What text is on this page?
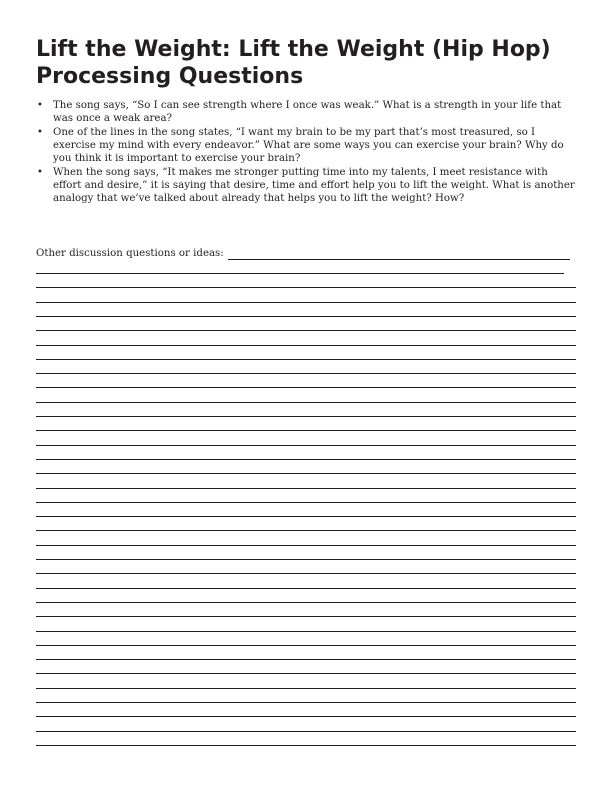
Lift the Weight: Lift the Weight (Hip Hop) Processing Questions
• The song says, “So I can see strength where I once was weak.” What is a strength in your life that was once a weak area?
• One of the lines in the song states, “I want my brain to be my part that’s most treasured, so I exercise my mind with every endeavor.” What are some ways you can exercise your brain? Why do you think it is important to exercise your brain?
• When the song says, “It makes me stronger putting time into my talents, I meet resistance with effort and desire,” it is saying that desire, time and effort help you to lift the weight. What is another analogy that we’ve talked about already that helps you to lift the weight? How?
Other discussion questions or ideas:
